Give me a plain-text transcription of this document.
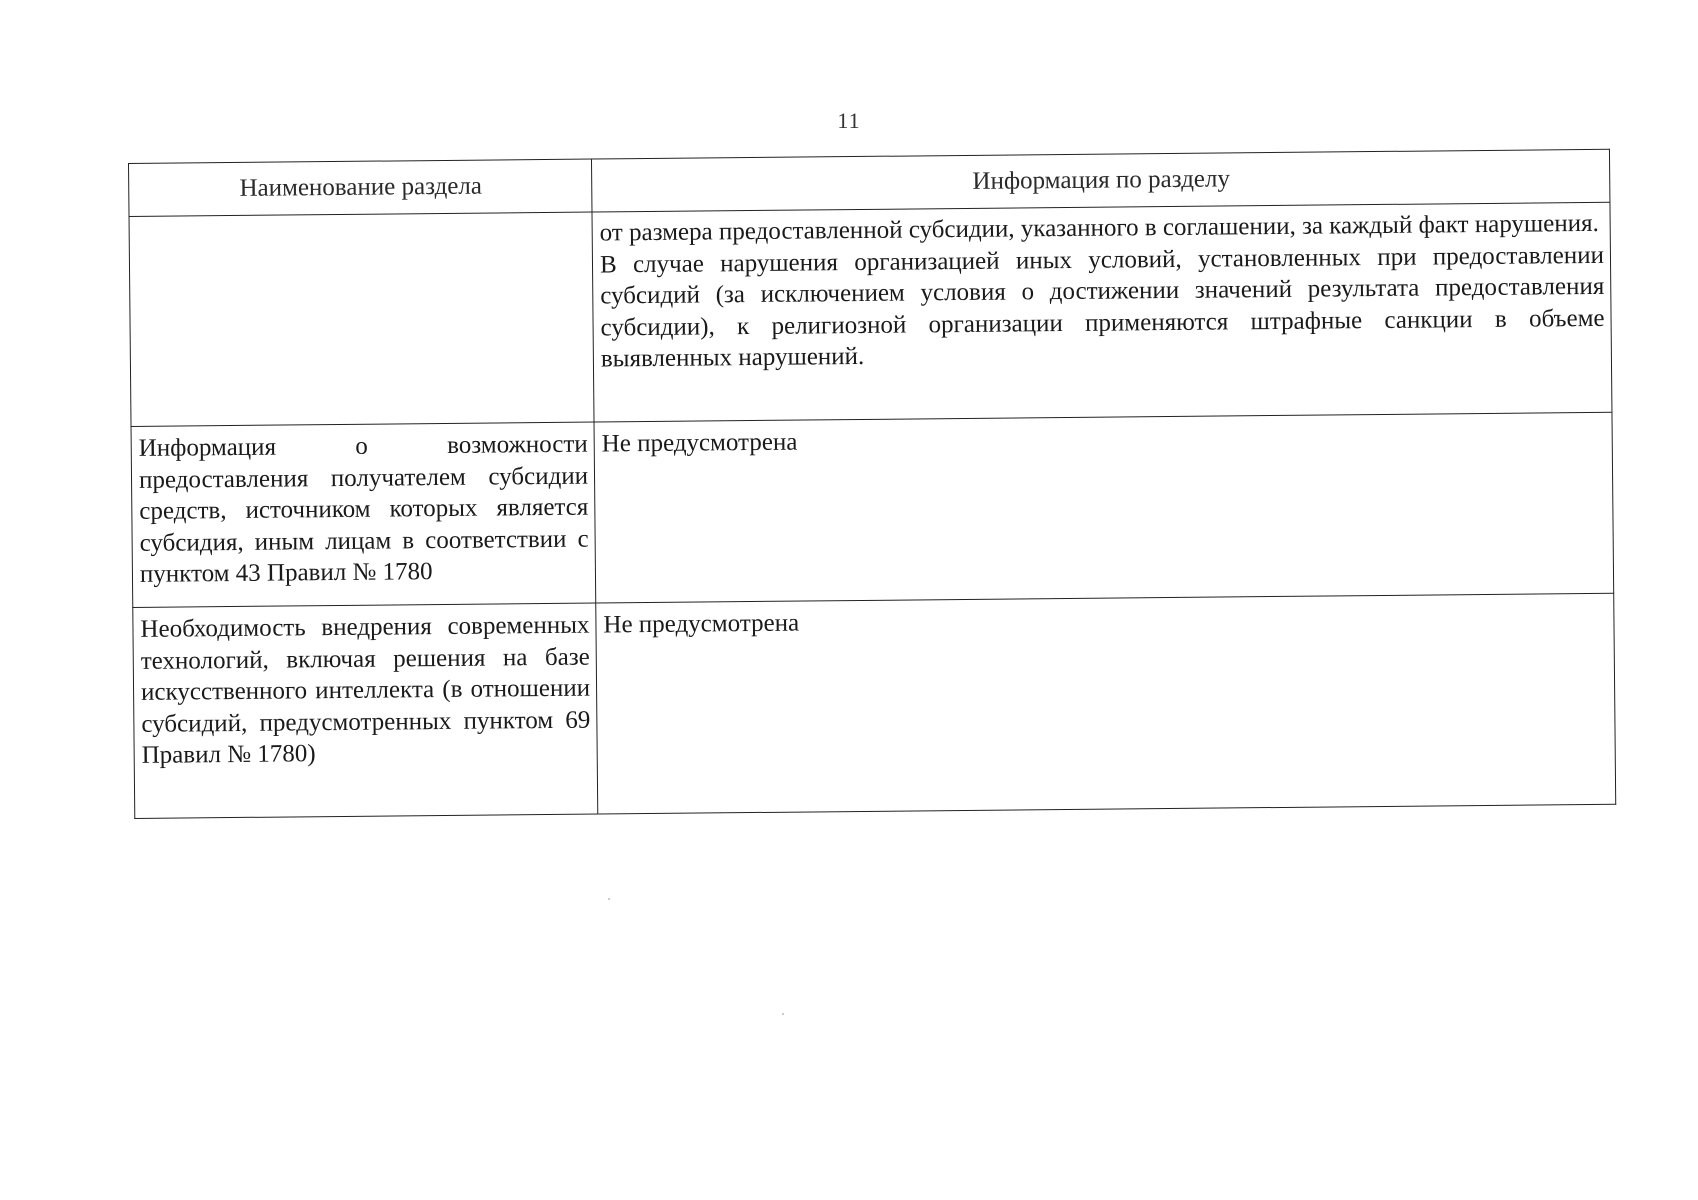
11
Наименование раздела	Информация по разделу

	от размера предоставленной субсидии, указанного в соглашении, за каждый факт нарушения.
В случае нарушения организацией иных условий, установленных при предоставлении субсидий (за исключением условия о достижении значений результата предоставления субсидии), к религиозной организации применяются штрафные санкции в объеме выявленных нарушений.

Информация о возможности предоставления получателем субсидии средств, источником которых является субсидия, иным лицам в соответствии с пунктом 43 Правил № 1780	Не предусмотрена

Необходимость внедрения современных технологий, включая решения на базе искусственного интеллекта (в отношении субсидий, предусмотренных пунктом 69 Правил № 1780)	Не предусмотрена
